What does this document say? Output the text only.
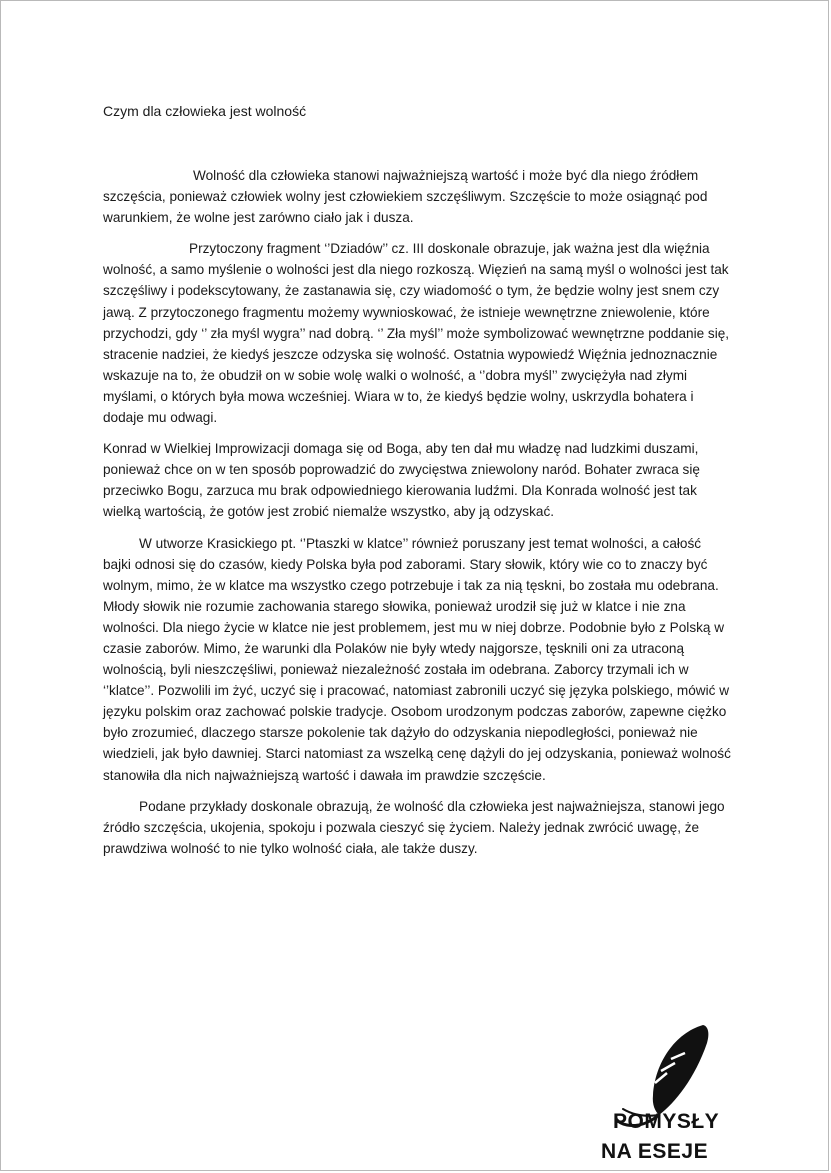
Czym dla człowieka jest wolność

Wolność dla człowieka stanowi najważniejszą wartość i może być dla niego źródłem szczęścia, ponieważ człowiek wolny jest człowiekiem szczęśliwym. Szczęście to może osiągnąć pod warunkiem, że wolne jest zarówno ciało jak i dusza.

Przytoczony fragment ‘’Dziadów’’ cz. III doskonale obrazuje, jak ważna jest dla więźnia wolność, a samo myślenie o wolności jest dla niego rozkoszą. Więzień na samą myśl o wolności jest tak szczęśliwy i podekscytowany, że zastanawia się, czy wiadomość o tym, że będzie wolny jest snem czy jawą. Z przytoczonego fragmentu możemy wywnioskować, że istnieje wewnętrzne zniewolenie, które przychodzi, gdy ‘’ zła myśl wygra’’ nad dobrą. ‘’ Zła myśl’’ może symbolizować wewnętrzne poddanie się, stracenie nadziei, że kiedyś jeszcze odzyska się wolność. Ostatnia wypowiedź Więźnia jednoznacznie wskazuje na to, że obudził on w sobie wolę walki o wolność, a ‘’dobra myśl’’ zwyciężyła nad złymi myślami, o których była mowa wcześniej. Wiara w to, że kiedyś będzie wolny, uskrzydla bohatera i dodaje mu odwagi.

Konrad w Wielkiej Improwizacji domaga się od Boga, aby ten dał mu władzę nad ludzkimi duszami, ponieważ chce on w ten sposób poprowadzić do zwycięstwa zniewolony naród. Bohater zwraca się przeciwko Bogu, zarzuca mu brak odpowiedniego kierowania ludźmi. Dla Konrada wolność jest tak wielką wartością, że gotów jest zrobić niemalże wszystko, aby ją odzyskać.

W utworze Krasickiego pt. ‘’Ptaszki w klatce’’ również poruszany jest temat wolności, a całość bajki odnosi się do czasów, kiedy Polska była pod zaborami. Stary słowik, który wie co to znaczy być wolnym, mimo, że w klatce ma wszystko czego potrzebuje i tak za nią tęskni, bo została mu odebrana. Młody słowik nie rozumie zachowania starego słowika, ponieważ urodził się już w klatce i nie zna wolności. Dla niego życie w klatce nie jest problemem, jest mu w niej dobrze. Podobnie było z Polską w czasie zaborów. Mimo, że warunki dla Polaków nie były wtedy najgorsze, tęsknili oni za utraconą wolnością, byli nieszczęśliwi, ponieważ niezależność została im odebrana. Zaborcy trzymali ich w ‘’klatce’’. Pozwolili im żyć, uczyć się i pracować, natomiast zabronili uczyć się języka polskiego, mówić w języku polskim oraz zachować polskie tradycje. Osobom urodzonym podczas zaborów, zapewne ciężko było zrozumieć, dlaczego starsze pokolenie tak dążyło do odzyskania niepodległości, ponieważ nie wiedzieli, jak było dawniej. Starci natomiast za wszelką cenę dążyli do jej odzyskania, ponieważ wolność stanowiła dla nich najważniejszą wartość i dawała im prawdzie szczęście.

Podane przykłady doskonale obrazują, że wolność dla człowieka jest najważniejsza, stanowi jego źródło szczęścia, ukojenia, spokoju i pozwala cieszyć się życiem. Należy jednak zwrócić uwagę, że prawdziwa wolność to nie tylko wolność ciała, ale także duszy.

POMYSŁY
NA ESEJE
